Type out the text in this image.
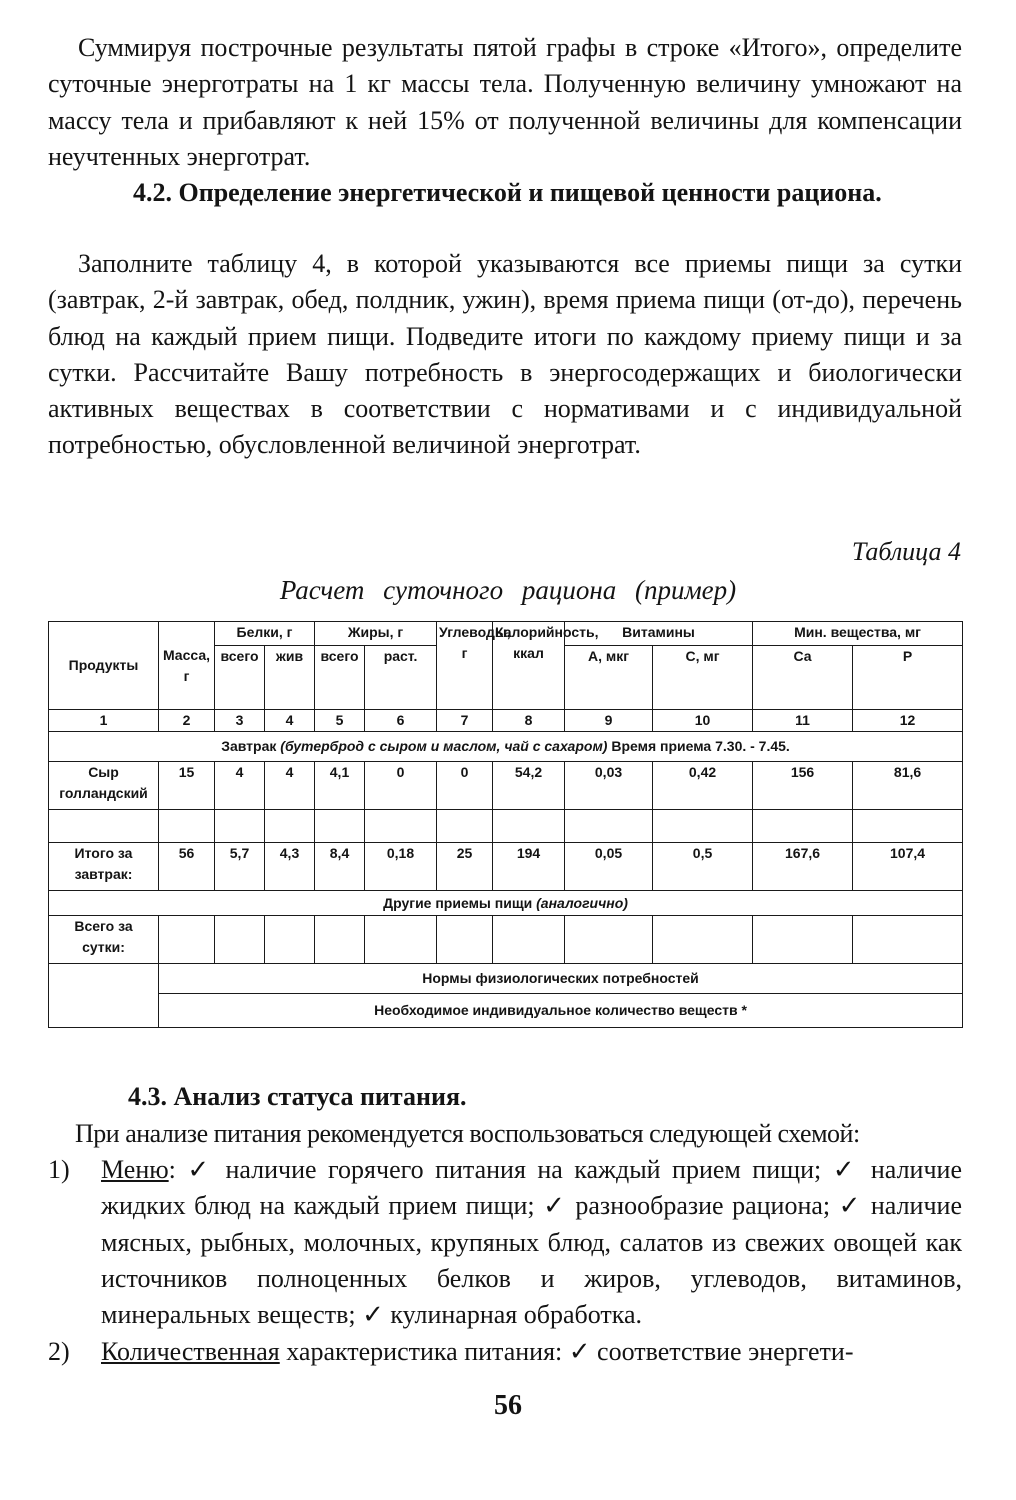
Суммируя построчные результаты пятой графы в строке «Итого», определите суточные энерготраты на 1 кг массы тела. Полученную величину умножают на массу тела и прибавляют к ней 15% от полученной величины для компенсации неучтенных энерготрат.

4.2. Определение энергетической и пищевой ценности рациона.

Заполните таблицу 4, в которой указываются все приемы пищи за сутки (завтрак, 2-й завтрак, обед, полдник, ужин), время приема пищи (от-до), перечень блюд на каждый прием пищи. Подведите итоги по каждому приему пищи и за сутки. Рассчитайте Вашу потребность в энергосодержащих и биологически активных веществах в соответствии с нормативами и с индивидуальной потребностью, обусловленной величиной энерготрат.

Таблица 4
Расчет суточного рациона (пример)
Продукты	Масса, г	Белки, г		Жиры, г		Углеводы, г	Калорийность, ккал	Витамины		Мин. вещества, мг	
		всего	жив	всего	раст.			А, мкг	С, мг	Са	Р
1	2	3	4	5	6	7	8	9	10	11	12
Завтрак (бутерброд с сыром и маслом, чай с сахаром) Время приема 7.30. - 7.45.											
Сыр голландский	15	4	4	4,1	0	0	54,2	0,03	0,42	156	81,6

Итого за завтрак:	56	5,7	4,3	8,4	0,18	25	194	0,05	0,5	167,6	107,4
Другие приемы пищи (аналогично)											
Всего за сутки:											
	Нормы физиологических потребностей										
	Необходимое индивидуальное количество веществ *										

4.3. Анализ статуса питания.

При анализе питания рекомендуется воспользоваться следующей схемой:
1) Меню: ✓ наличие горячего питания на каждый прием пищи; ✓ наличие жидких блюд на каждый прием пищи; ✓ разнообразие рациона; ✓ наличие мясных, рыбных, молочных, крупяных блюд, салатов из свежих овощей как источников полноценных белков и жиров, углеводов, витаминов, минеральных веществ; ✓ кулинарная обработка.
2) Количественная характеристика питания: ✓ соответствие энергети-
56
